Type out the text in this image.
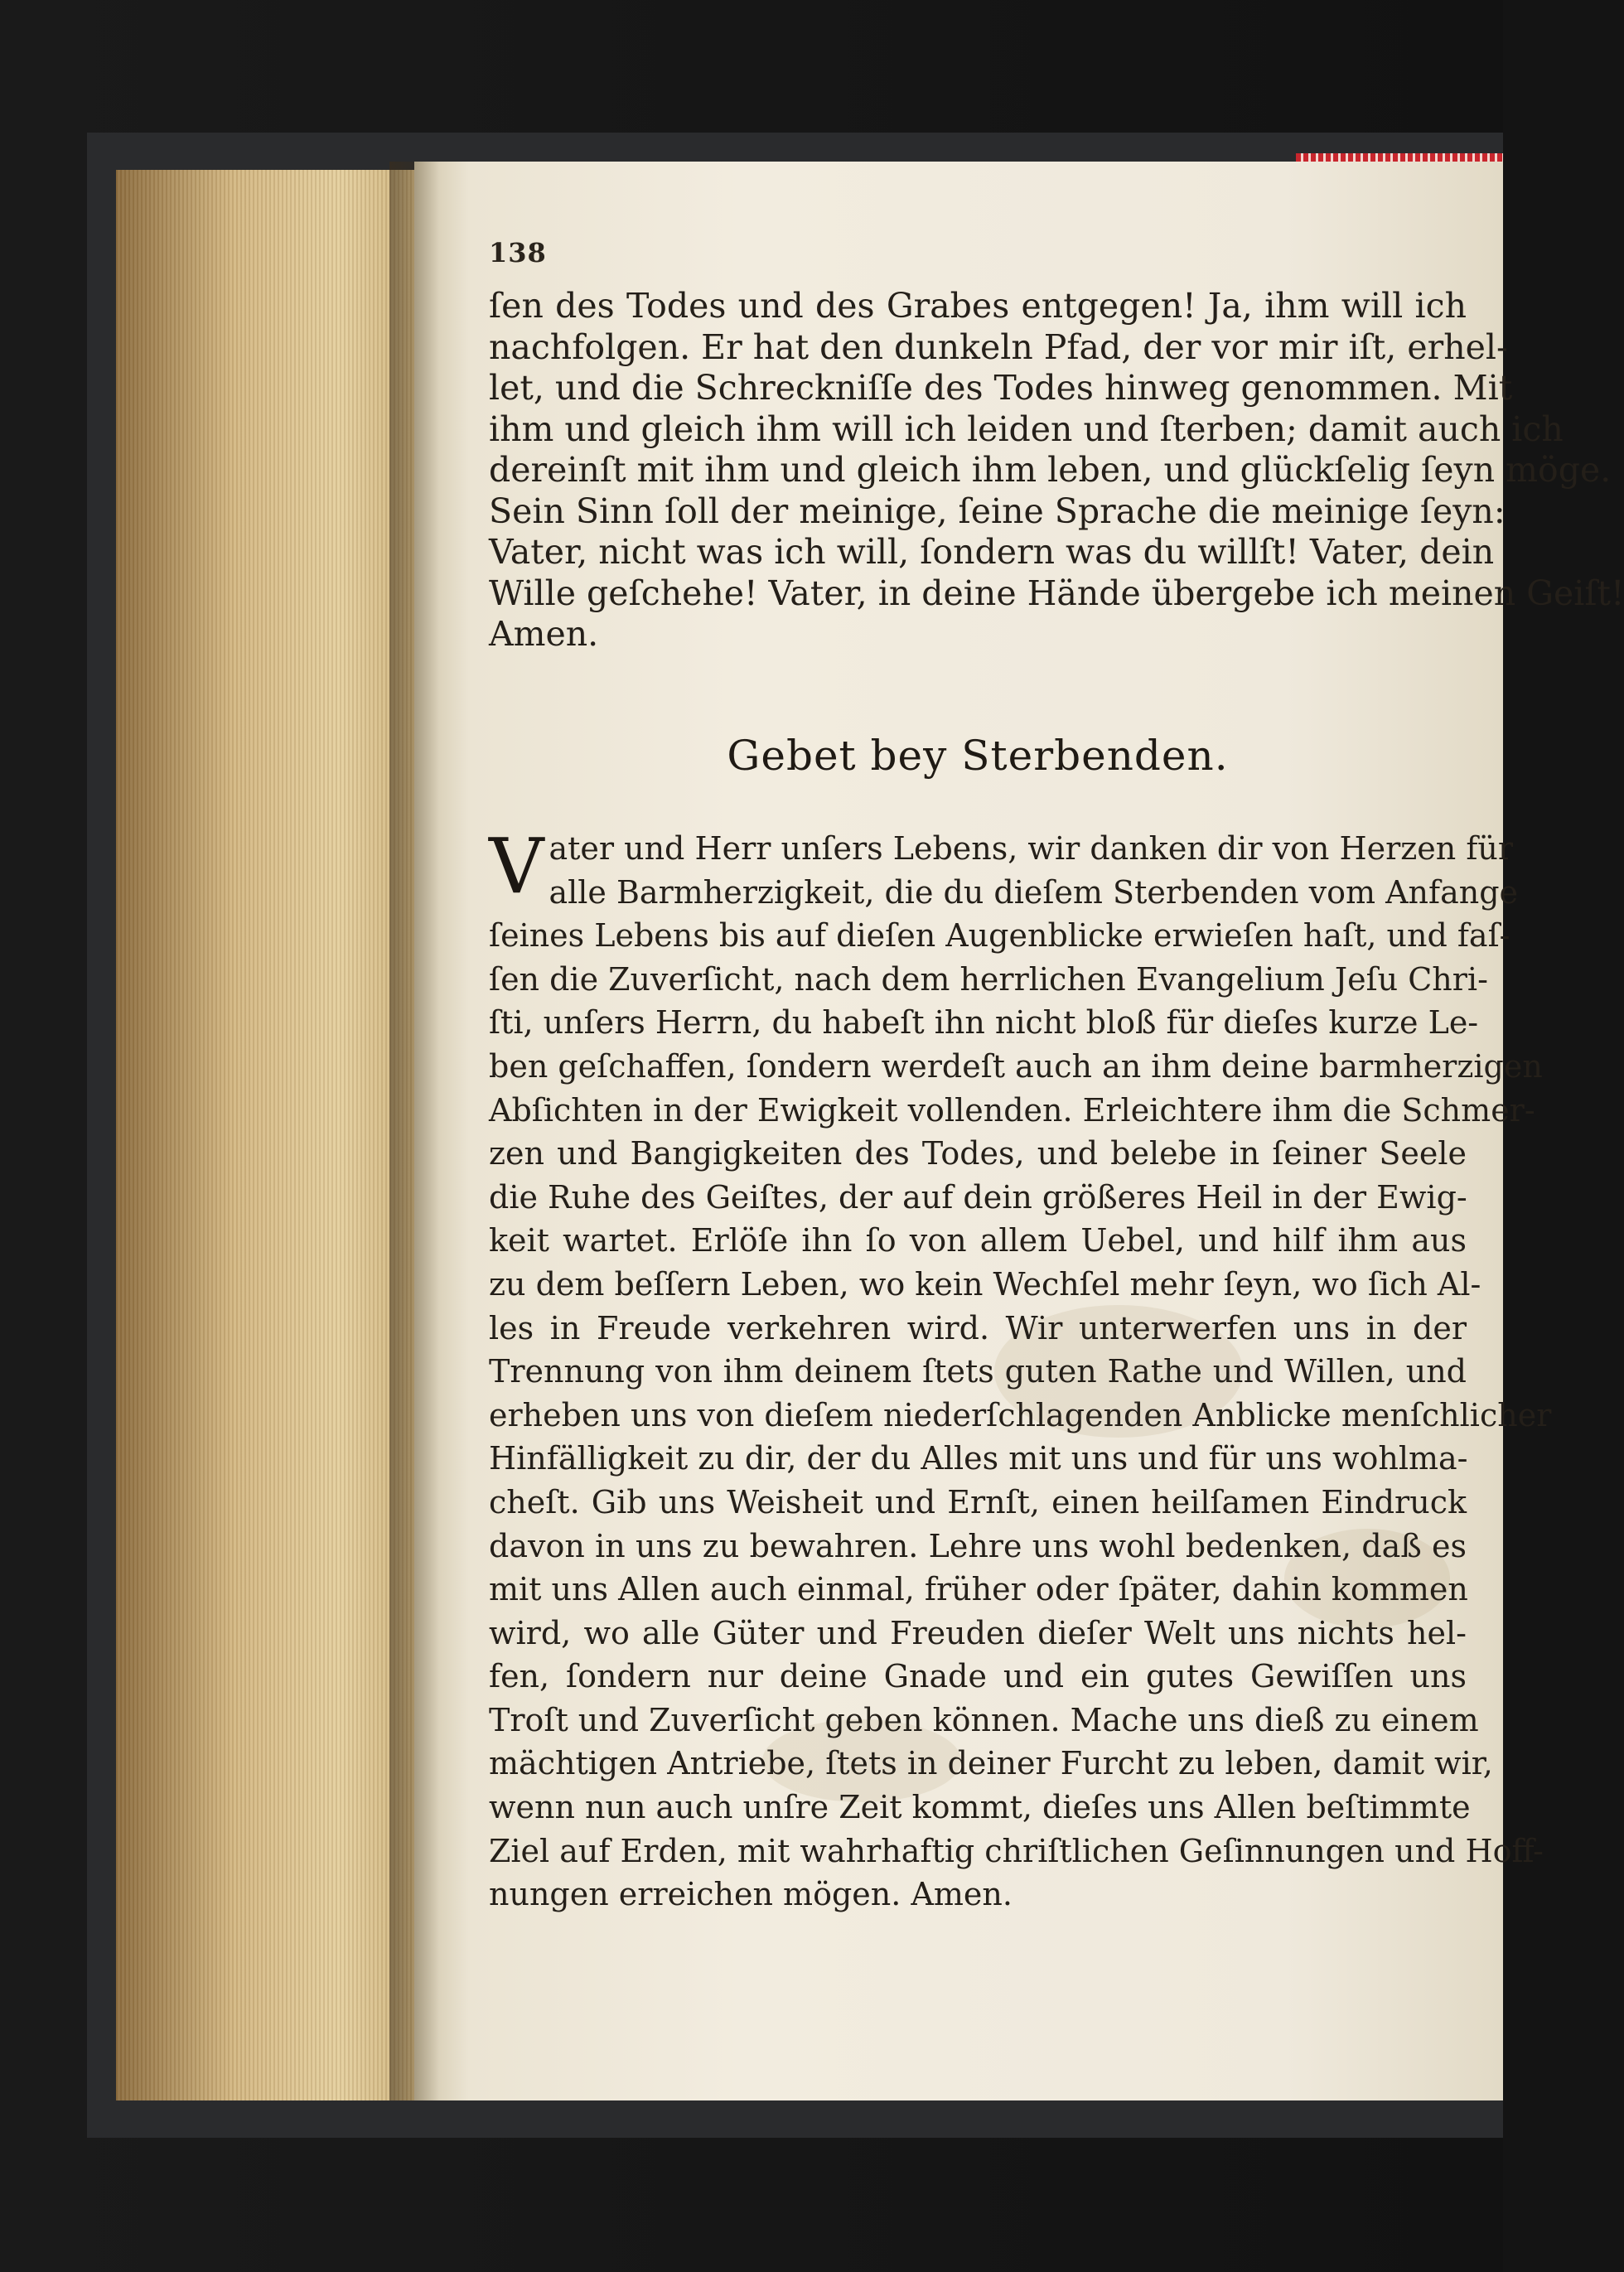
138
ſen des Todes und des Grabes entgegen! Ja, ihm will ich
nachfolgen. Er hat den dunkeln Pfad, der vor mir iſt, erhel-
let, und die Schreckniſſe des Todes hinweg genommen. Mit
ihm und gleich ihm will ich leiden und ſterben; damit auch ich
dereinſt mit ihm und gleich ihm leben, und glückſelig ſeyn möge.
Sein Sinn ſoll der meinige, ſeine Sprache die meinige ſeyn:
Vater, nicht was ich will, ſondern was du willſt! Vater, dein
Wille geſchehe! Vater, in deine Hände übergebe ich meinen Geiſt!
Amen.
Gebet bey Sterbenden.
V ater und Herr unſers Lebens, wir danken dir von Herzen für
alle Barmherzigkeit, die du dieſem Sterbenden vom Anfange
ſeines Lebens bis auf dieſen Augenblicke erwieſen haſt, und faſ-
ſen die Zuverſicht, nach dem herrlichen Evangelium Jeſu Chri-
ſti, unſers Herrn, du habeſt ihn nicht bloß für dieſes kurze Le-
ben geſchaffen, ſondern werdeſt auch an ihm deine barmherzigen
Abſichten in der Ewigkeit vollenden. Erleichtere ihm die Schmer-
zen und Bangigkeiten des Todes, und belebe in ſeiner Seele
die Ruhe des Geiſtes, der auf dein größeres Heil in der Ewig-
keit wartet. Erlöſe ihn ſo von allem Uebel, und hilf ihm aus
zu dem beſſern Leben, wo kein Wechſel mehr ſeyn, wo ſich Al-
les in Freude verkehren wird. Wir unterwerfen uns in der
Trennung von ihm deinem ſtets guten Rathe und Willen, und
erheben uns von dieſem niederſchlagenden Anblicke menſchlicher
Hinfälligkeit zu dir, der du Alles mit uns und für uns wohlma-
cheſt. Gib uns Weisheit und Ernſt, einen heilſamen Eindruck
davon in uns zu bewahren. Lehre uns wohl bedenken, daß es
mit uns Allen auch einmal, früher oder ſpäter, dahin kommen
wird, wo alle Güter und Freuden dieſer Welt uns nichts hel-
fen, ſondern nur deine Gnade und ein gutes Gewiſſen uns
Troſt und Zuverſicht geben können. Mache uns dieß zu einem
mächtigen Antriebe, ſtets in deiner Furcht zu leben, damit wir,
wenn nun auch unſre Zeit kommt, dieſes uns Allen beſtimmte
Ziel auf Erden, mit wahrhaftig chriſtlichen Geſinnungen und Hoff-
nungen erreichen mögen. Amen.
